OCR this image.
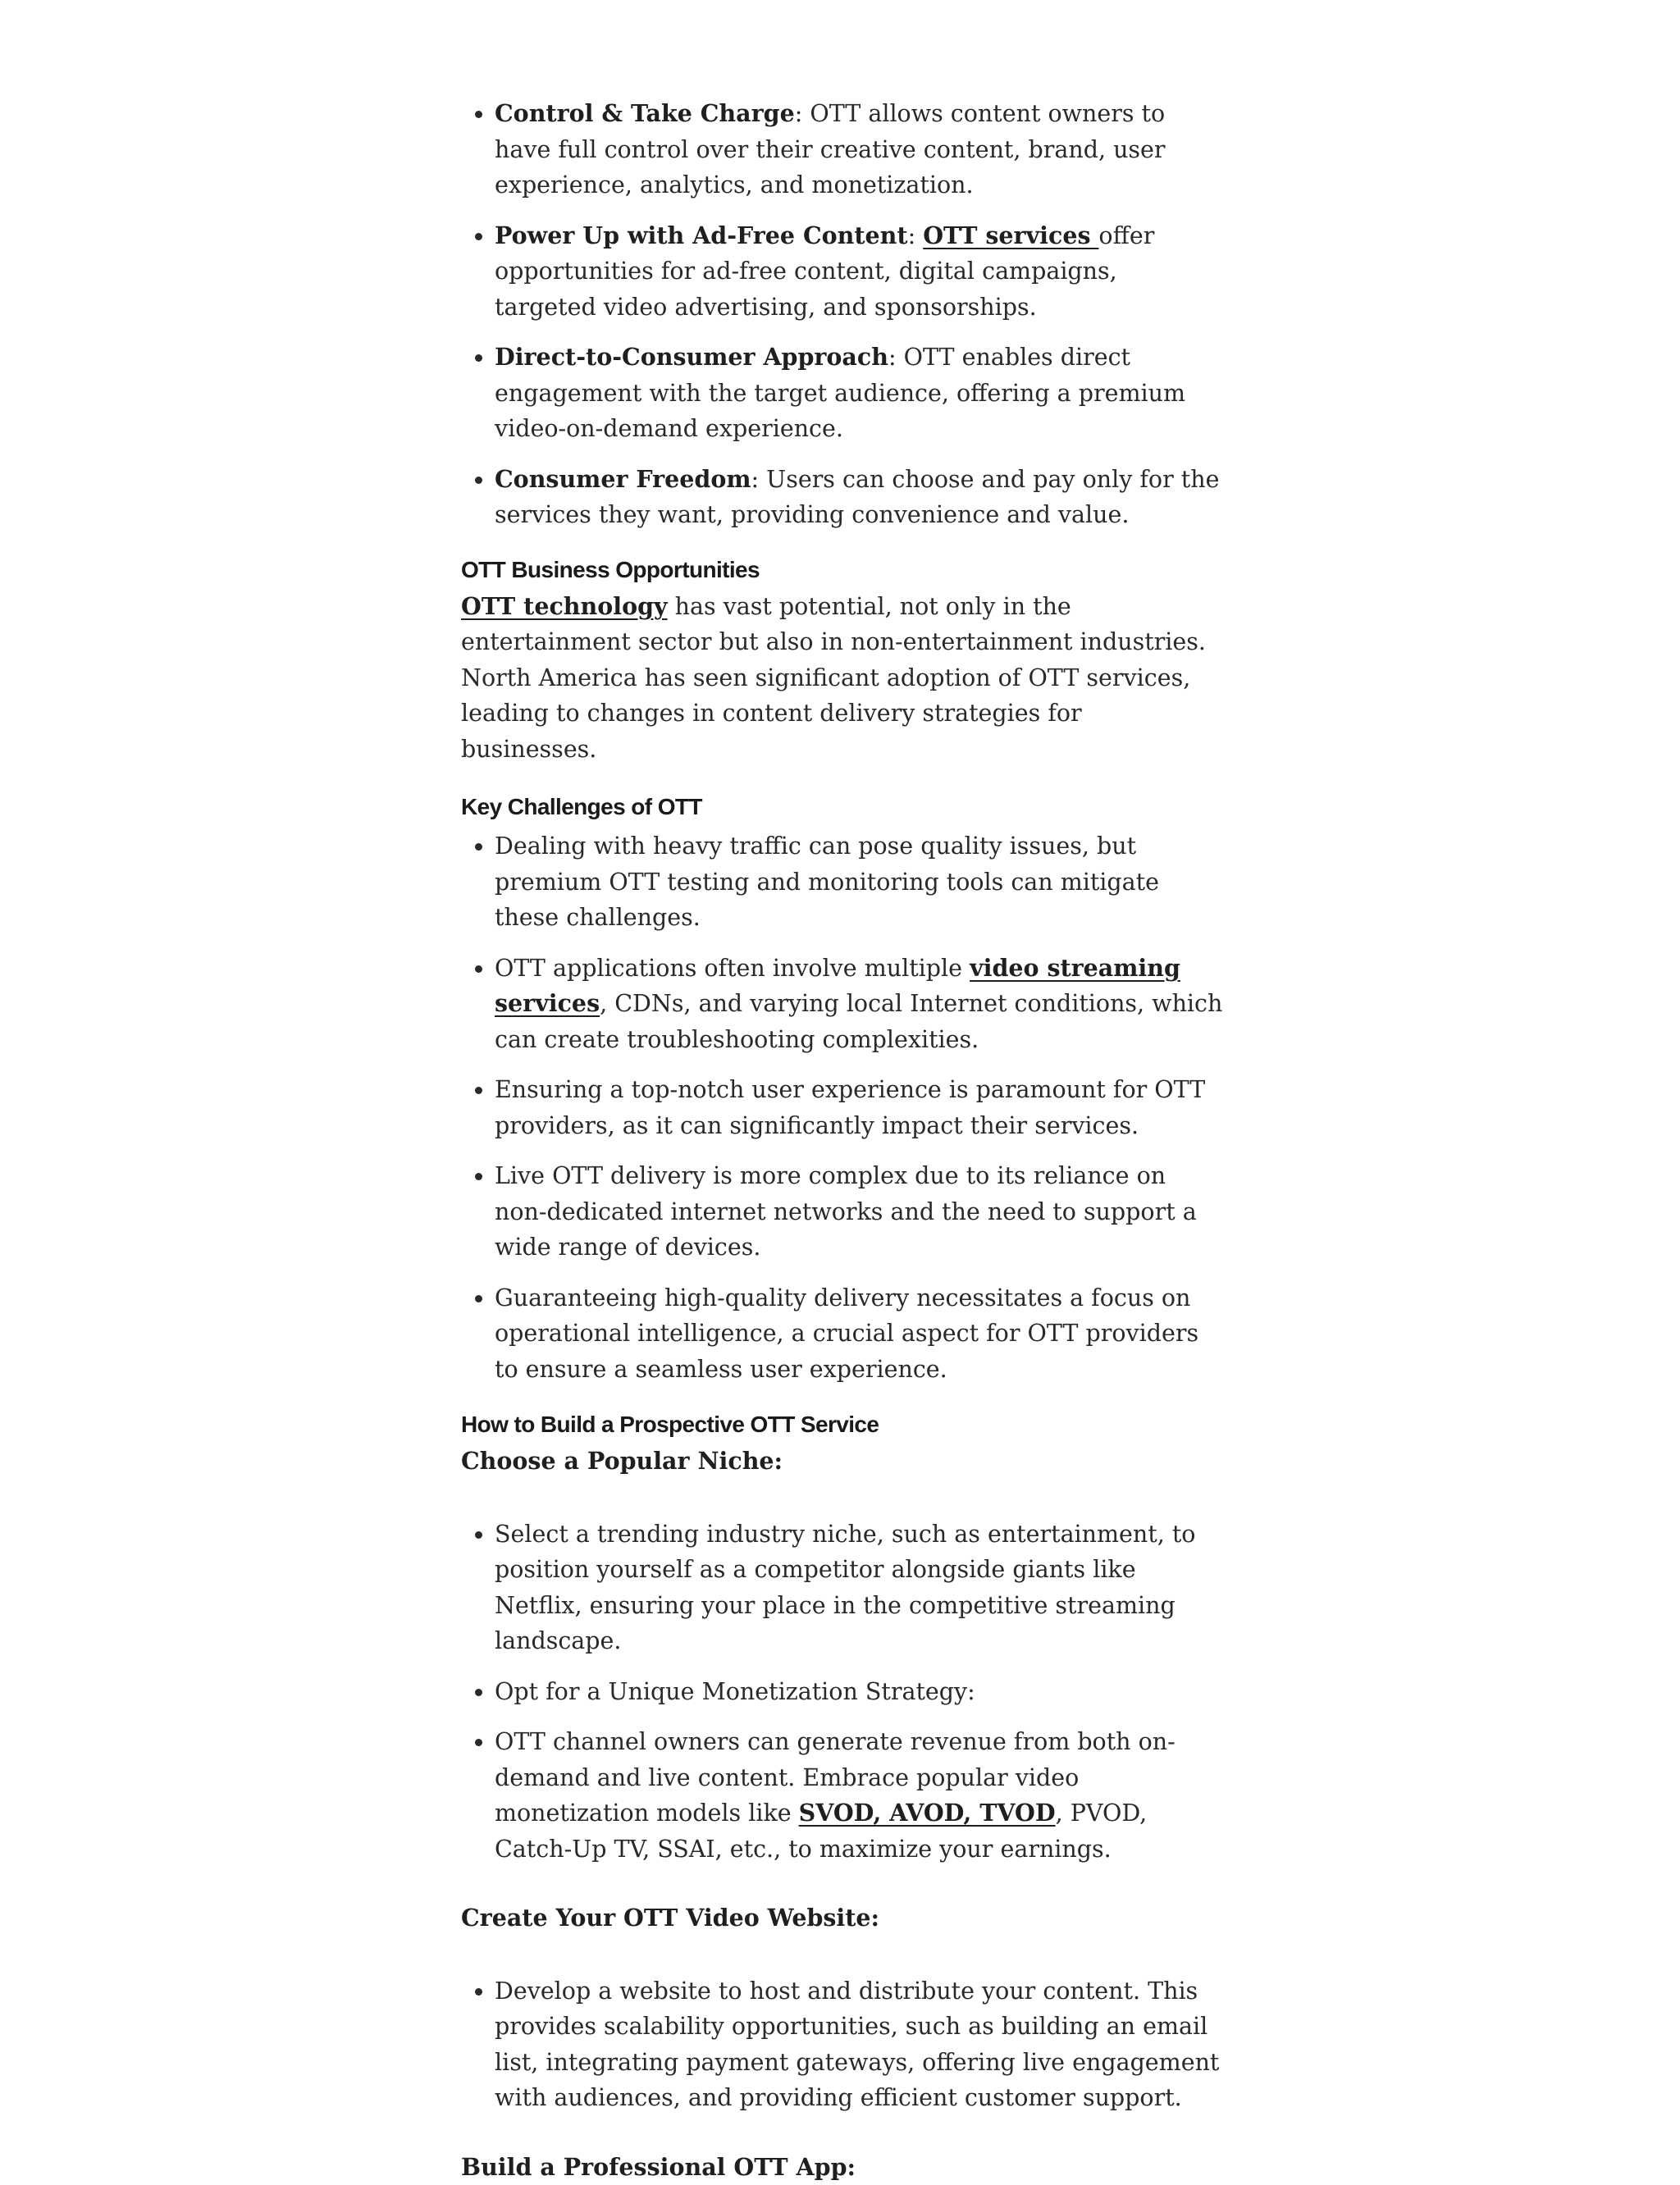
• Control & Take Charge: OTT allows content owners to have full control over their creative content, brand, user experience, analytics, and monetization.
• Power Up with Ad-Free Content: OTT services offer opportunities for ad-free content, digital campaigns, targeted video advertising, and sponsorships.
• Direct-to-Consumer Approach: OTT enables direct engagement with the target audience, offering a premium video-on-demand experience.
• Consumer Freedom: Users can choose and pay only for the services they want, providing convenience and value.
OTT Business Opportunities

OTT technology has vast potential, not only in the entertainment sector but also in non-entertainment industries. North America has seen significant adoption of OTT services, leading to changes in content delivery strategies for businesses.

Key Challenges of OTT
• Dealing with heavy traffic can pose quality issues, but premium OTT testing and monitoring tools can mitigate these challenges.
• OTT applications often involve multiple video streaming services, CDNs, and varying local Internet conditions, which can create troubleshooting complexities.
• Ensuring a top-notch user experience is paramount for OTT providers, as it can significantly impact their services.
• Live OTT delivery is more complex due to its reliance on non-dedicated internet networks and the need to support a wide range of devices.
• Guaranteeing high-quality delivery necessitates a focus on operational intelligence, a crucial aspect for OTT providers to ensure a seamless user experience.
How to Build a Prospective OTT Service

Choose a Popular Niche:

• Select a trending industry niche, such as entertainment, to position yourself as a competitor alongside giants like Netflix, ensuring your place in the competitive streaming landscape.
• Opt for a Unique Monetization Strategy:
• OTT channel owners can generate revenue from both on-demand and live content. Embrace popular video monetization models like SVOD, AVOD, TVOD, PVOD, Catch-Up TV, SSAI, etc., to maximize your earnings.

Create Your OTT Video Website:

• Develop a website to host and distribute your content. This provides scalability opportunities, such as building an email list, integrating payment gateways, offering live engagement with audiences, and providing efficient customer support.

Build a Professional OTT App:
